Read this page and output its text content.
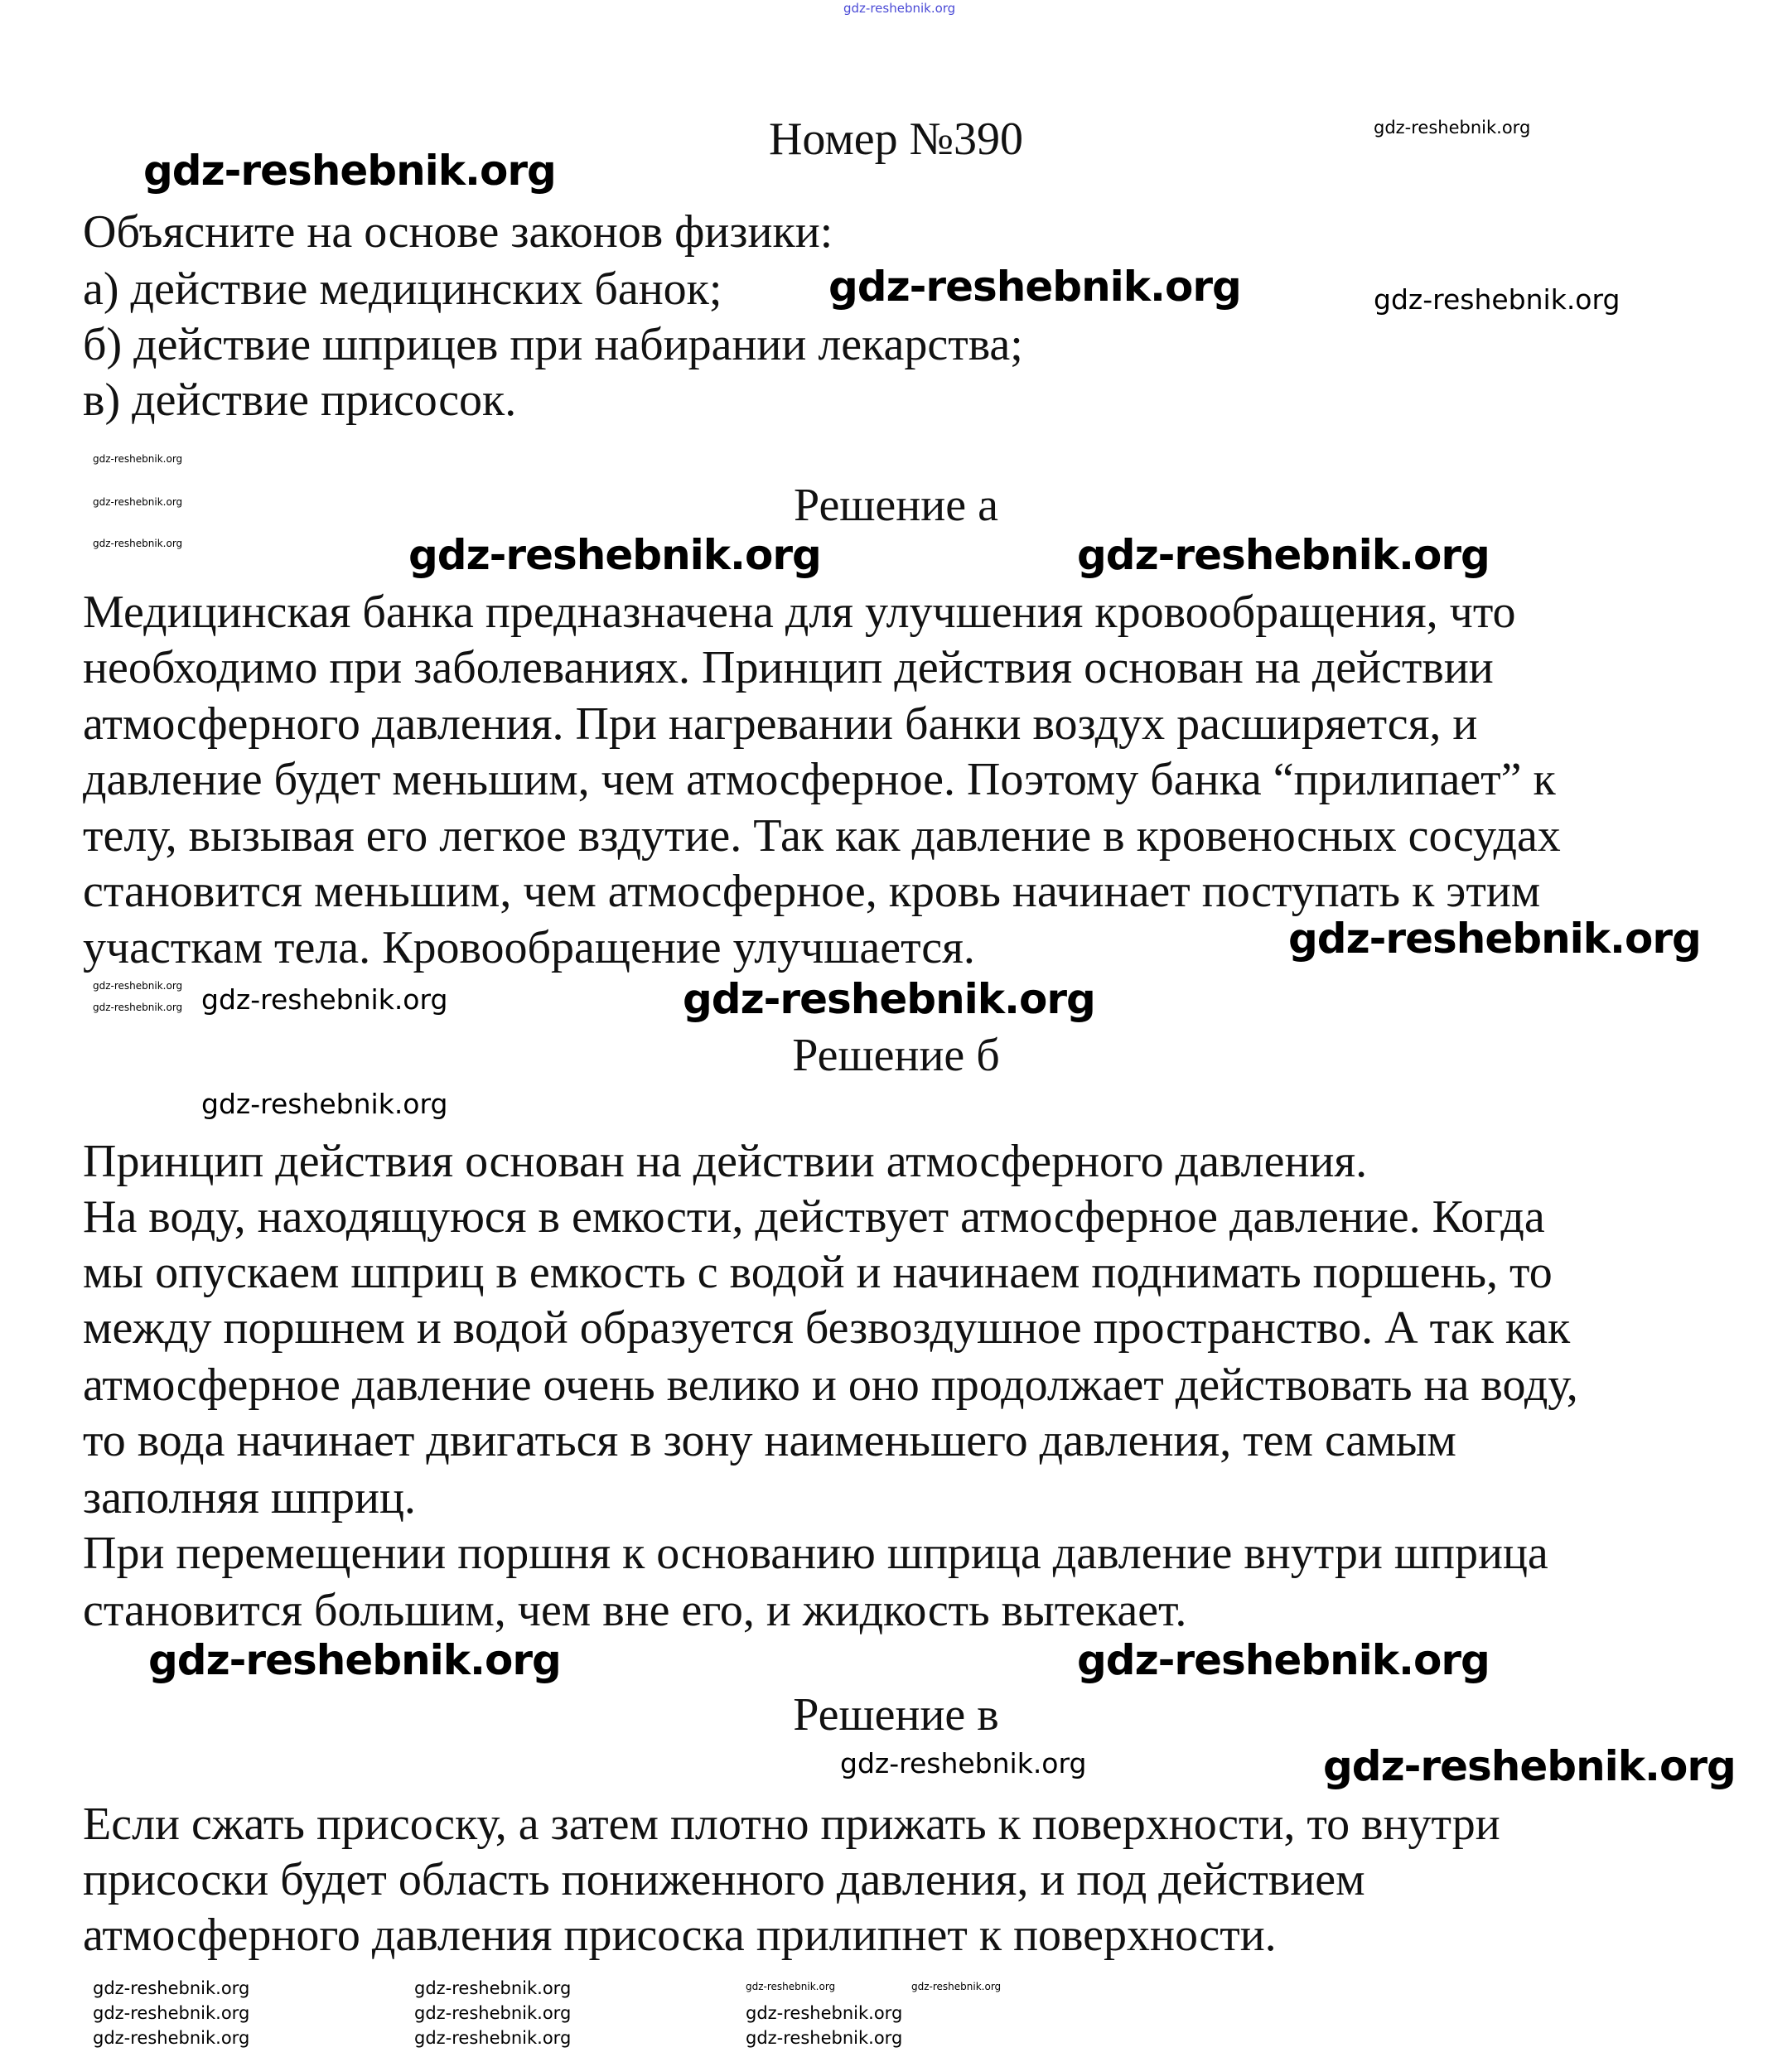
Номер №390
Объясните на основе законов физики:
а) действие медицинских банок;
б) действие шприцев при набирании лекарства;
в) действие присосок.
Решение а
Медицинская банка предназначена для улучшения кровообращения, что
необходимо при заболеваниях. Принцип действия основан на действии
атмосферного давления. При нагревании банки воздух расширяется, и
давление будет меньшим, чем атмосферное. Поэтому банка “прилипает” к
телу, вызывая его легкое вздутие. Так как давление в кровеносных сосудах
становится меньшим, чем атмосферное, кровь начинает поступать к этим
участкам тела. Кровообращение улучшается.
Решение б
Принцип действия основан на действии атмосферного давления.
На воду, находящуюся в емкости, действует атмосферное давление. Когда
мы опускаем шприц в емкость с водой и начинаем поднимать поршень, то
между поршнем и водой образуется безвоздушное пространство. А так как
атмосферное давление очень велико и оно продолжает действовать на воду,
то вода начинает двигаться в зону наименьшего давления, тем самым
заполняя шприц.
При перемещении поршня к основанию шприца давление внутри шприца
становится большим, чем вне его, и жидкость вытекает.
Решение в
Если сжать присоску, а затем плотно прижать к поверхности, то внутри
присоски будет область пониженного давления, и под действием
атмосферного давления присоска прилипнет к поверхности.
gdz-reshebnik.org
gdz-reshebnik.org
gdz-reshebnik.org
gdz-reshebnik.org	gdz-reshebnik.org
gdz-reshebnik.org
gdz-reshebnik.org
gdz-reshebnik.org
gdz-reshebnik.org
gdz-reshebnik.org
gdz-reshebnik.org	gdz-reshebnik.org
gdz-reshebnik.org
gdz-reshebnik.org
gdz-reshebnik.org
gdz-reshebnik.org
gdz-reshebnik.org	gdz-reshebnik.org	gdz-reshebnik.org
gdz-reshebnik.org	gdz-reshebnik.org	gdz-reshebnik.org
gdz-reshebnik.org
gdz-reshebnik.org
gdz-reshebnik.org	gdz-reshebnik.org
gdz-reshebnik.org	gdz-reshebnik.org	gdz-reshebnik.org	gdz-reshebnik.org
